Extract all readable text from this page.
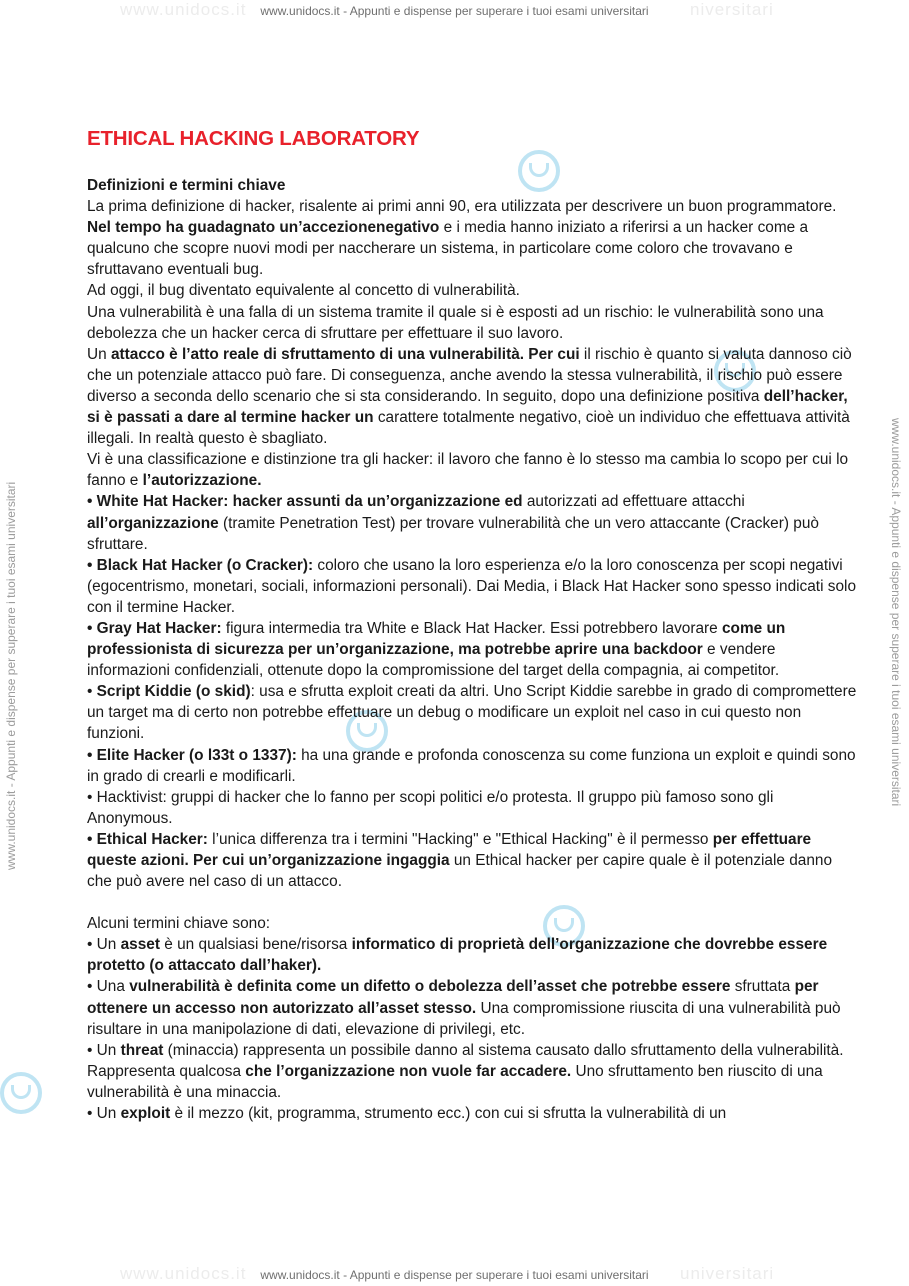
www.unidocs.it	niversitari
www.unidocs.it - Appunti e dispense per superare i tuoi esami universitari
www.unidocs.it	universitari
www.unidocs.it - Appunti e dispense per superare i tuoi esami universitari
www.unidocs.it - Appunti e dispense per superare i tuoi esami universitari	www.unidocs.it - Appunti e dispense per superare i tuoi esami universitari
ETHICAL HACKING LABORATORY
Definizioni e termini chiave

La prima definizione di hacker, risalente ai primi anni 90, era utilizzata per descrivere un buon programmatore. Nel tempo ha guadagnato un’accezionenegativo e i media hanno iniziato a riferirsi a un hacker come a qualcuno che scopre nuovi modi per naccherare un sistema, in particolare come coloro che trovavano e sfruttavano eventuali bug.

Ad oggi, il bug diventato equivalente al concetto di vulnerabilità.

Una vulnerabilità è una falla di un sistema tramite il quale si è esposti ad un rischio: le vulnerabilità sono una debolezza che un hacker cerca di sfruttare per effettuare il suo lavoro.

Un attacco è l’atto reale di sfruttamento di una vulnerabilità. Per cui il rischio è quanto si valuta dannoso ciò che un potenziale attacco può fare. Di conseguenza, anche avendo la stessa vulnerabilità, il rischio può essere diverso a seconda dello scenario che si sta considerando. In seguito, dopo una definizione positiva dell’hacker, si è passati a dare al termine hacker un carattere totalmente negativo, cioè un individuo che effettuava attività illegali. In realtà questo è sbagliato.

Vi è una classificazione e distinzione tra gli hacker: il lavoro che fanno è lo stesso ma cambia lo scopo per cui lo fanno e l’autorizzazione.

• White Hat Hacker: hacker assunti da un’organizzazione ed autorizzati ad effettuare attacchi all’organizzazione (tramite Penetration Test) per trovare vulnerabilità che un vero attaccante (Cracker) può sfruttare.

• Black Hat Hacker (o Cracker): coloro che usano la loro esperienza e/o la loro conoscenza per scopi negativi (egocentrismo, monetari, sociali, informazioni personali). Dai Media, i Black Hat Hacker sono spesso indicati solo con il termine Hacker.

• Gray Hat Hacker: figura intermedia tra White e Black Hat Hacker. Essi potrebbero lavorare come un professionista di sicurezza per un’organizzazione, ma potrebbe aprire una backdoor e vendere informazioni confidenziali, ottenute dopo la compromissione del target della compagnia, ai competitor.

• Script Kiddie (o skid): usa e sfrutta exploit creati da altri. Uno Script Kiddie sarebbe in grado di compromettere un target ma di certo non potrebbe effettuare un debug o modificare un exploit nel caso in cui questo non funzioni.

• Elite Hacker (o l33t o 1337): ha una grande e profonda conoscenza su come funziona un exploit e quindi sono in grado di crearli e modificarli.

• Hacktivist: gruppi di hacker che lo fanno per scopi politici e/o protesta. Il gruppo più famoso sono gli Anonymous.

• Ethical Hacker: l’unica differenza tra i termini "Hacking" e "Ethical Hacking" è il permesso per effettuare queste azioni. Per cui un’organizzazione ingaggia un Ethical hacker per capire quale è il potenziale danno che può avere nel caso di un attacco.

Alcuni termini chiave sono:

• Un asset è un qualsiasi bene/risorsa informatico di proprietà dell’organizzazione che dovrebbe essere protetto (o attaccato dall’haker).

• Una vulnerabilità è definita come un difetto o debolezza dell’asset che potrebbe essere sfruttata per ottenere un accesso non autorizzato all’asset stesso. Una compromissione riuscita di una vulnerabilità può risultare in una manipolazione di dati, elevazione di privilegi, etc.

• Un threat (minaccia) rappresenta un possibile danno al sistema causato dallo sfruttamento della vulnerabilità. Rappresenta qualcosa che l’organizzazione non vuole far accadere. Uno sfruttamento ben riuscito di una vulnerabilità è una minaccia.

• Un exploit è il mezzo (kit, programma, strumento ecc.) con cui si sfrutta la vulnerabilità di un
